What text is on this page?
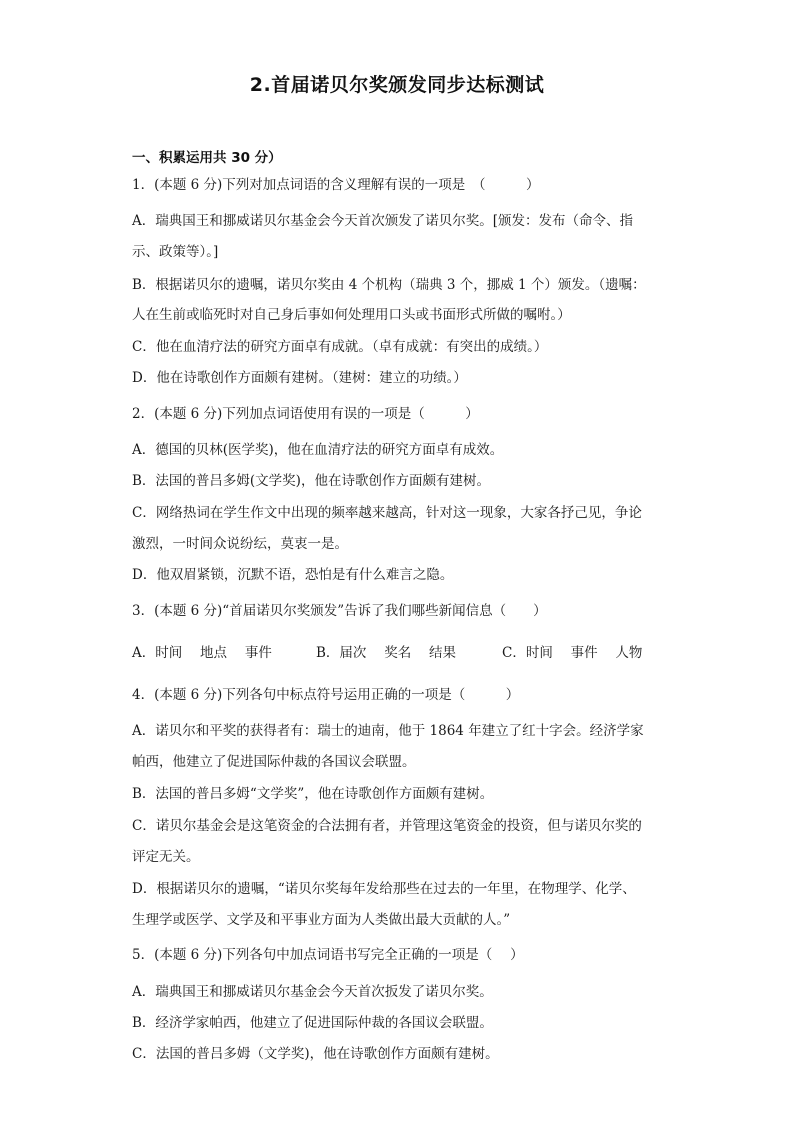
2.首届诺贝尔奖颁发同步达标测试
一、积累运用共 30 分）
1．(本题 6 分)下列对加点词语的含义理解有误的一项是　（　　　）
A．瑞典国王和挪威诺贝尔基金会今天首次颁发了诺贝尔奖。[颁发：发布（命令、指
示、政策等）。]
B．根据诺贝尔的遗嘱，诺贝尔奖由 4 个机构（瑞典 3 个，挪威 1 个）颁发。（遗嘱：
人在生前或临死时对自己身后事如何处理用口头或书面形式所做的嘱咐。）
C．他在血清疗法的研究方面卓有成就。（卓有成就：有突出的成绩。）
D．他在诗歌创作方面颇有建树。（建树：建立的功绩。）
2．(本题 6 分)下列加点词语使用有误的一项是（　　　）
A．德国的贝林(医学奖)，他在血清疗法的研究方面卓有成效。
B．法国的普吕多姆(文学奖)，他在诗歌创作方面颇有建树。
C．网络热词在学生作文中出现的频率越来越高，针对这一现象，大家各抒己见，争论
激烈，一时间众说纷纭，莫衷一是。
D．他双眉紧锁，沉默不语，恐怕是有什么难言之隐。
3．(本题 6 分)“首届诺贝尔奖颁发”告诉了我们哪些新闻信息（　　）
A．时间　 地点　 事件	B．届次　 奖名　 结果	C．时间　 事件　 人物
4．(本题 6 分)下列各句中标点符号运用正确的一项是（　　　）
A．诺贝尔和平奖的获得者有：瑞士的迪南，他于 1864 年建立了红十字会。经济学家
帕西，他建立了促进国际仲裁的各国议会联盟。
B．法国的普吕多姆“文学奖”，他在诗歌创作方面颇有建树。
C．诺贝尔基金会是这笔资金的合法拥有者，并管理这笔资金的投资，但与诺贝尔奖的
评定无关。
D．根据诺贝尔的遗嘱，“诺贝尔奖每年发给那些在过去的一年里，在物理学、化学、
生理学或医学、文学及和平事业方面为人类做出最大贡献的人。”
5．(本题 6 分)下列各句中加点词语书写完全正确的一项是（　 ）
A．瑞典国王和挪威诺贝尔基金会今天首次扳发了诺贝尔奖。
B．经济学家帕西，他建立了促进国际仲裁的各国议会联盟。
C．法国的普吕多姆（文学奖)，他在诗歌创作方面颇有建树。
